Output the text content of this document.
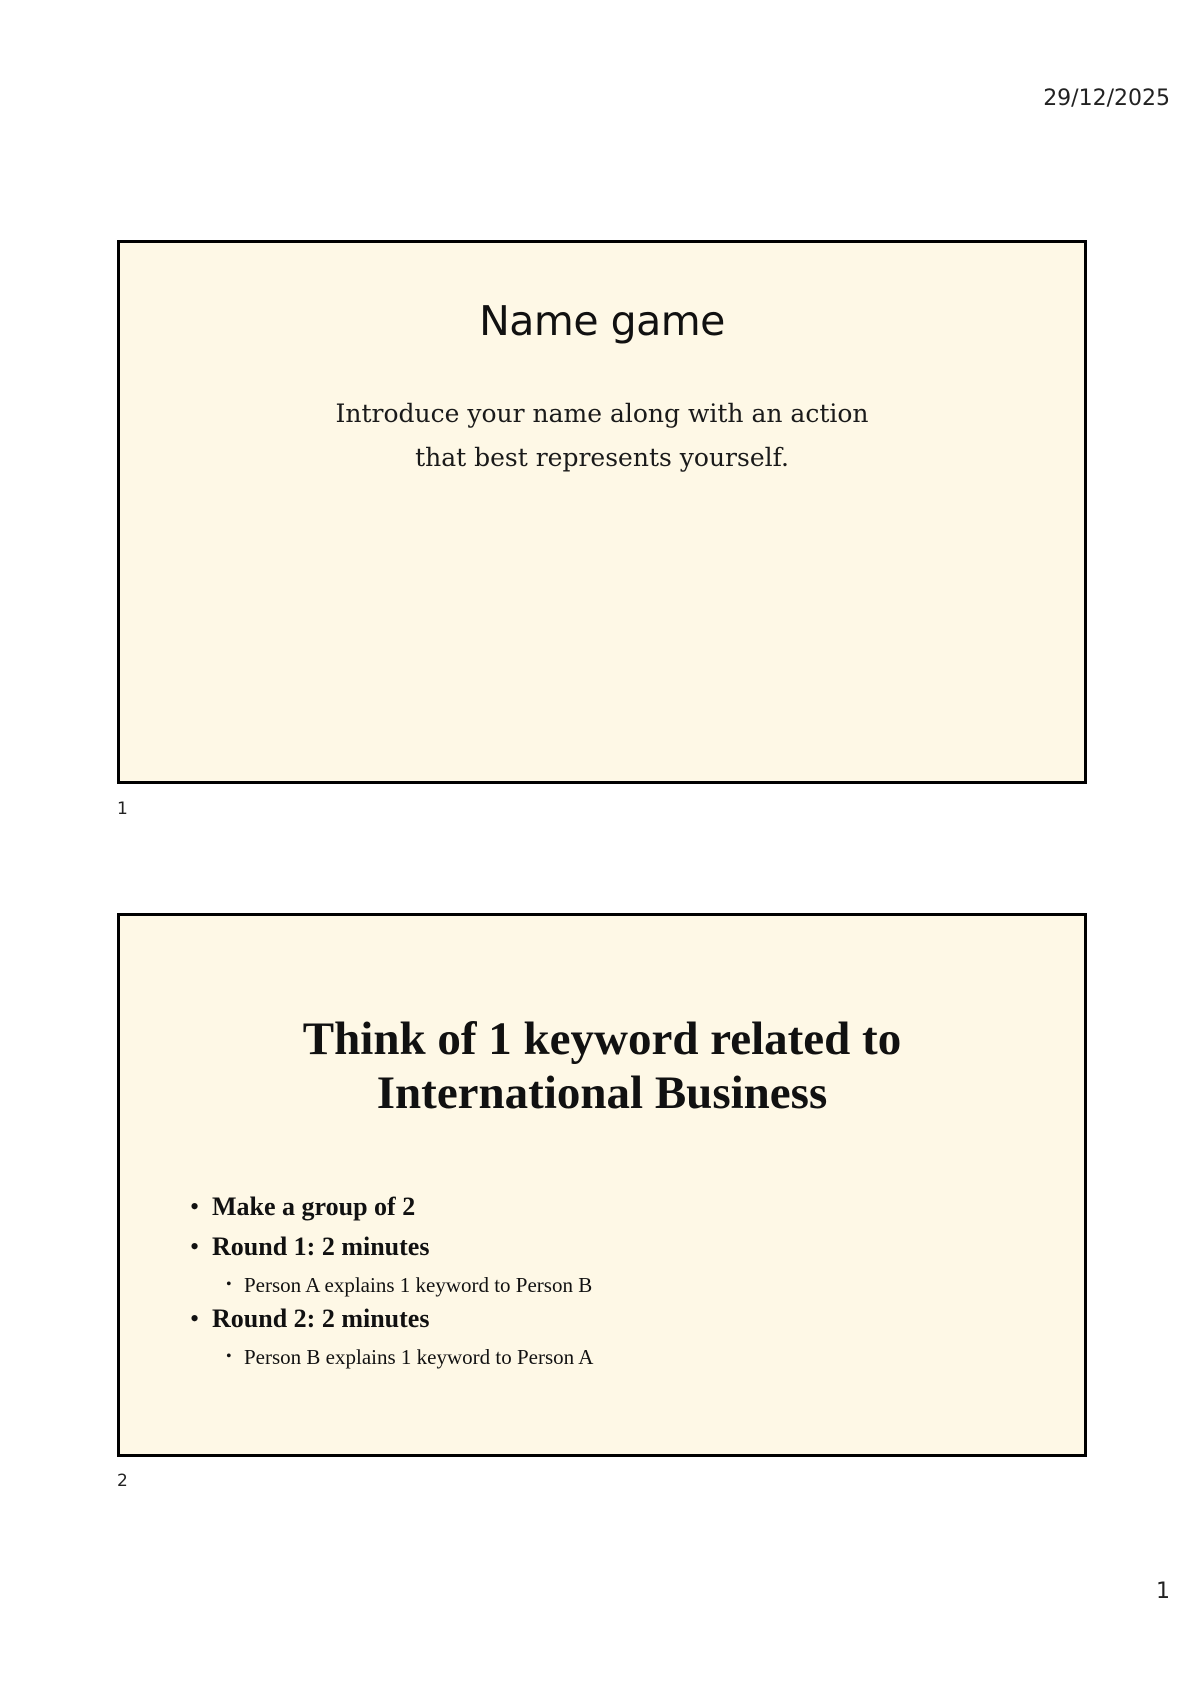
29/12/2025
Name game
Introduce your name along with an action
that best represents yourself.
1
Think of 1 keyword related to
International Business
• Make a group of 2
• Round 1: 2 minutes
• Person A explains 1 keyword to Person B
• Round 2: 2 minutes
• Person B explains 1 keyword to Person A
2
1
